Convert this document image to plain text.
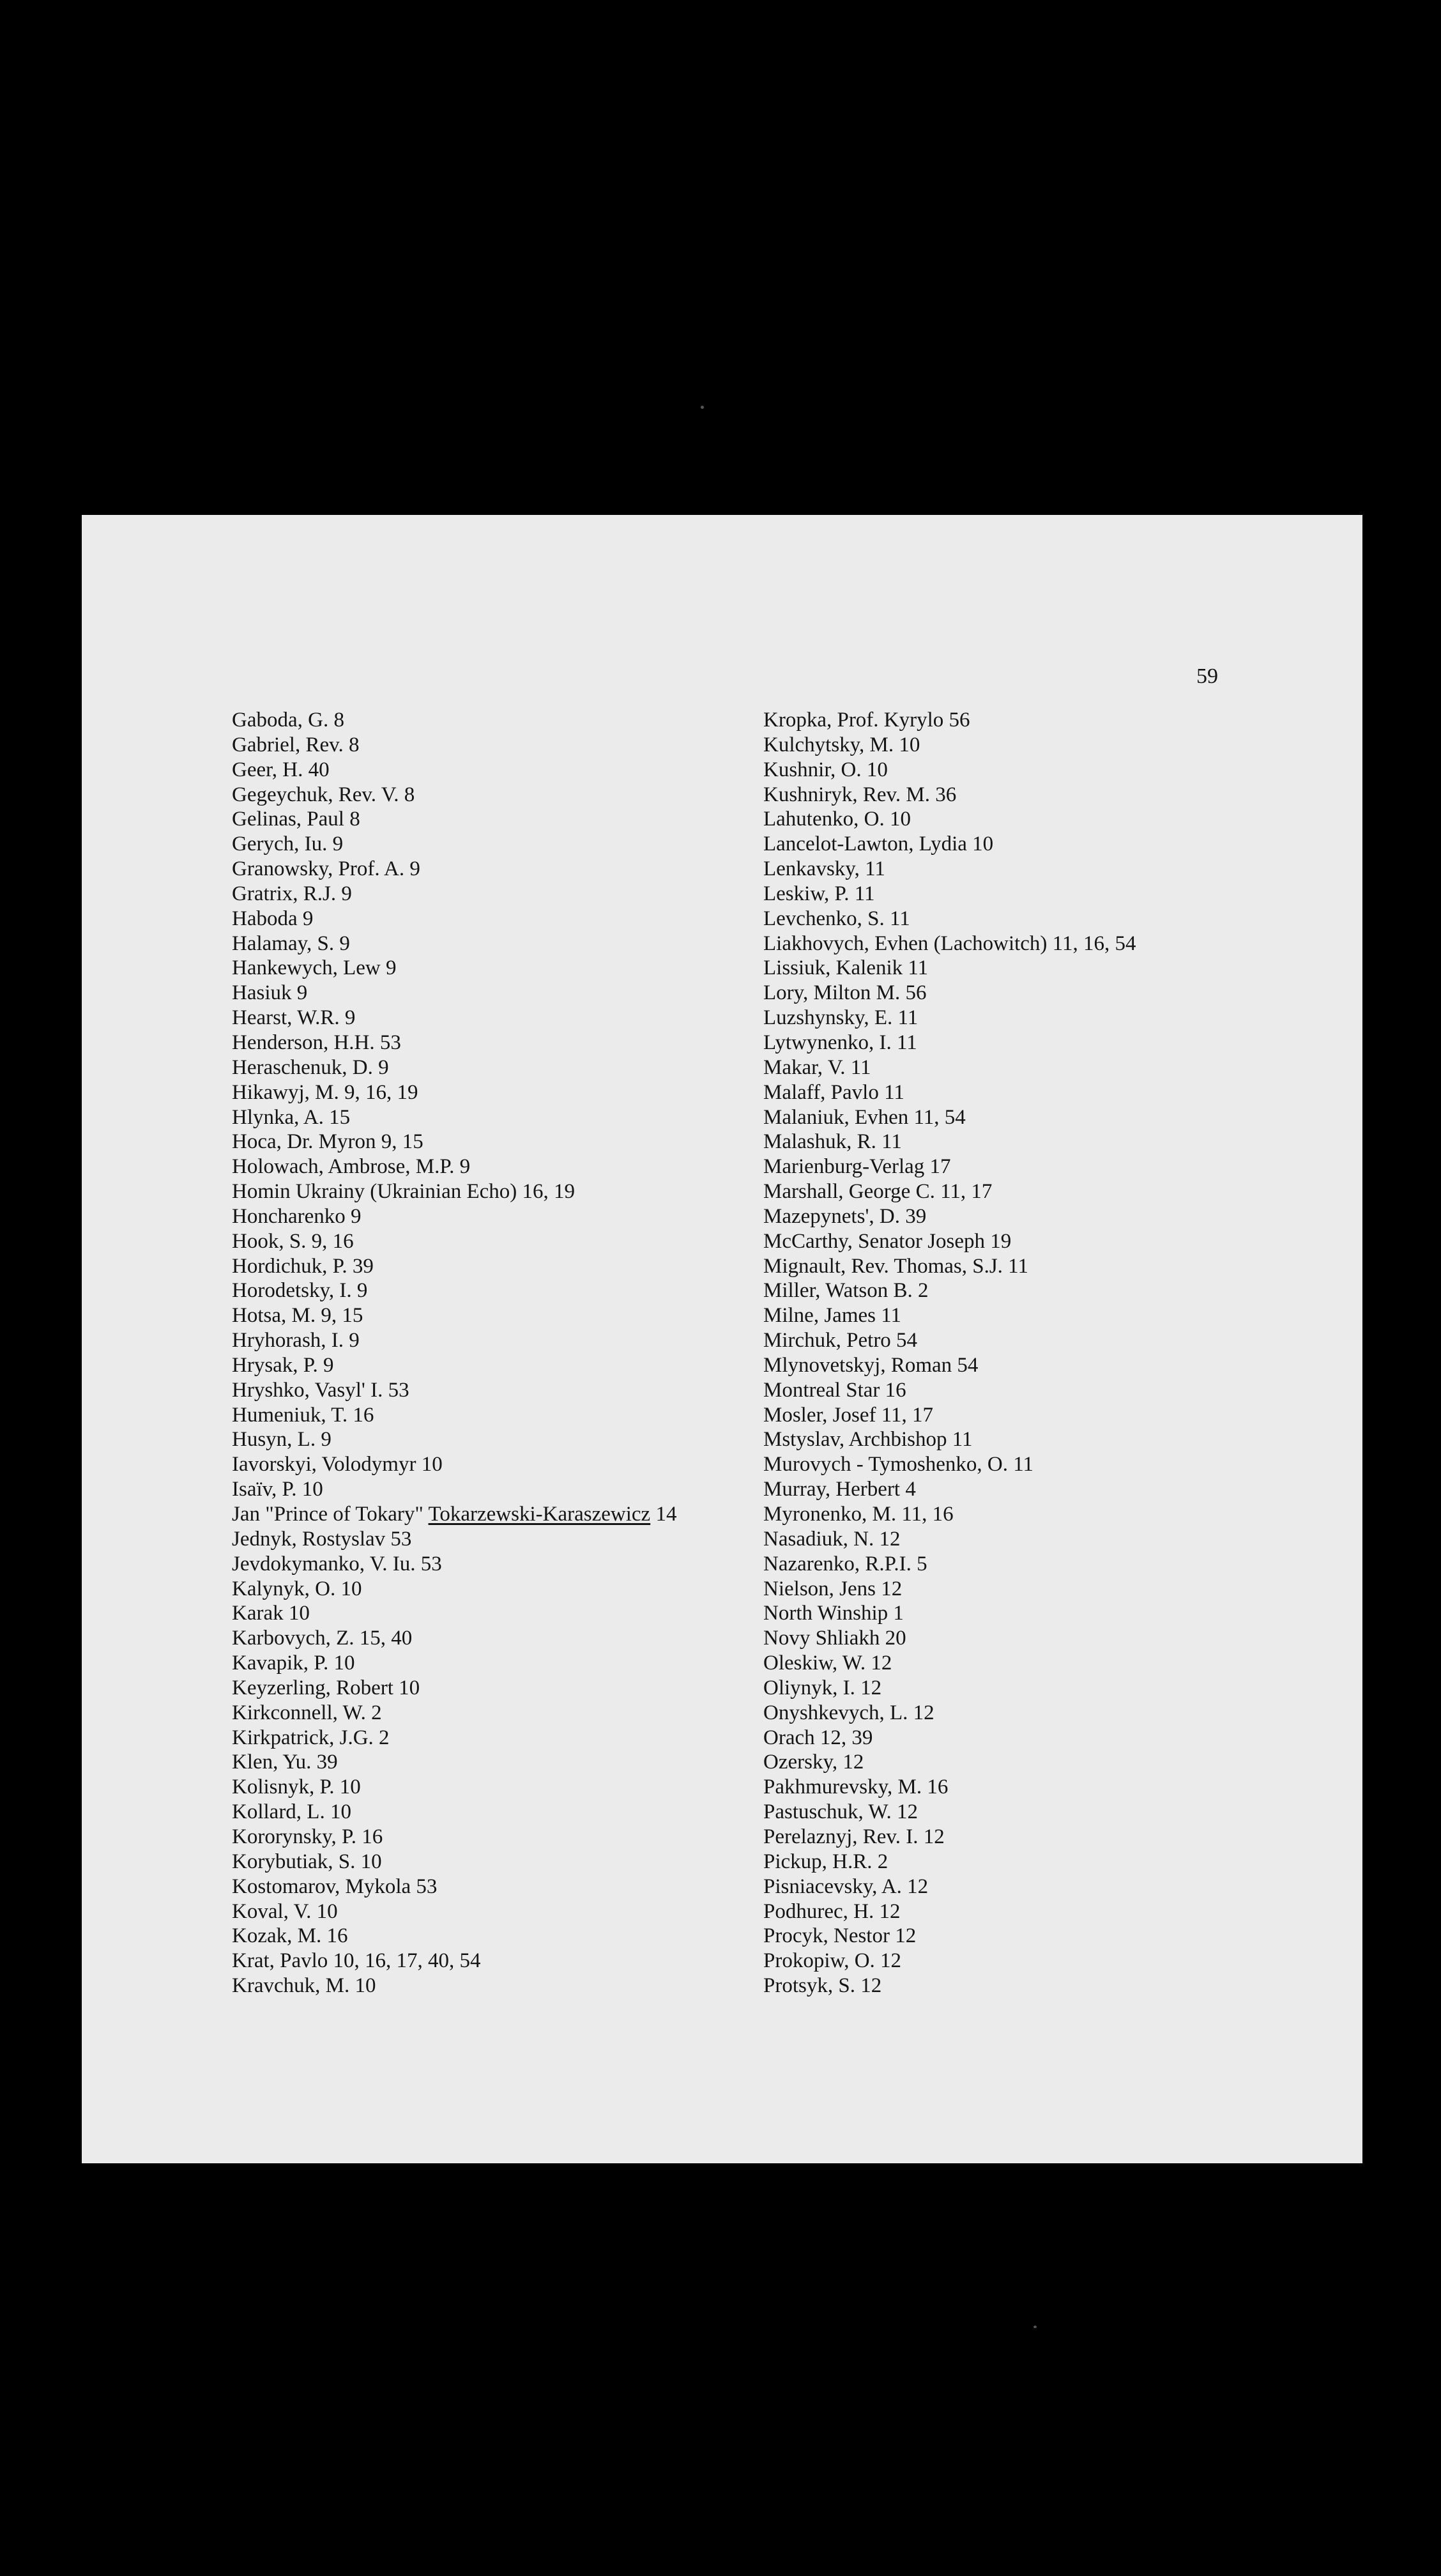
59
Gaboda, G. 8
Gabriel, Rev. 8
Geer, H. 40
Gegeychuk, Rev. V. 8
Gelinas, Paul 8
Gerych, Iu. 9
Granowsky, Prof. A. 9
Gratrix, R.J. 9
Haboda 9
Halamay, S. 9
Hankewych, Lew 9
Hasiuk 9
Hearst, W.R. 9
Henderson, H.H. 53
Heraschenuk, D. 9
Hikawyj, M. 9, 16, 19
Hlynka, A. 15
Hoca, Dr. Myron 9, 15
Holowach, Ambrose, M.P. 9
Homin Ukrainy (Ukrainian Echo) 16, 19
Honcharenko 9
Hook, S. 9, 16
Hordichuk, P. 39
Horodetsky, I. 9
Hotsa, M. 9, 15
Hryhorash, I. 9
Hrysak, P. 9
Hryshko, Vasyl' I. 53
Humeniuk, T. 16
Husyn, L. 9
Iavorskyi, Volodymyr 10
Isaïv, P. 10
Jan "Prince of Tokary" Tokarzewski-Karaszewicz 14
Jednyk, Rostyslav 53
Jevdokymanko, V. Iu. 53
Kalynyk, O. 10
Karak 10
Karbovych, Z. 15, 40
Kavapik, P. 10
Keyzerling, Robert 10
Kirkconnell, W. 2
Kirkpatrick, J.G. 2
Klen, Yu. 39
Kolisnyk, P. 10
Kollard, L. 10
Kororynsky, P. 16
Korybutiak, S. 10
Kostomarov, Mykola 53
Koval, V. 10
Kozak, M. 16
Krat, Pavlo 10, 16, 17, 40, 54
Kravchuk, M. 10
Kropka, Prof. Kyrylo 56
Kulchytsky, M. 10
Kushnir, O. 10
Kushniryk, Rev. M. 36
Lahutenko, O. 10
Lancelot-Lawton, Lydia 10
Lenkavsky, 11
Leskiw, P. 11
Levchenko, S. 11
Liakhovych, Evhen (Lachowitch) 11, 16, 54
Lissiuk, Kalenik 11
Lory, Milton M. 56
Luzshynsky, E. 11
Lytwynenko, I. 11
Makar, V. 11
Malaff, Pavlo 11
Malaniuk, Evhen 11, 54
Malashuk, R. 11
Marienburg-Verlag 17
Marshall, George C. 11, 17
Mazepynets', D. 39
McCarthy, Senator Joseph 19
Mignault, Rev. Thomas, S.J. 11
Miller, Watson B. 2
Milne, James 11
Mirchuk, Petro 54
Mlynovetskyj, Roman 54
Montreal Star 16
Mosler, Josef 11, 17
Mstyslav, Archbishop 11
Murovych - Tymoshenko, O. 11
Murray, Herbert 4
Myronenko, M. 11, 16
Nasadiuk, N. 12
Nazarenko, R.P.I. 5
Nielson, Jens 12
North Winship 1
Novy Shliakh 20
Oleskiw, W. 12
Oliynyk, I. 12
Onyshkevych, L. 12
Orach 12, 39
Ozersky, 12
Pakhmurevsky, M. 16
Pastuschuk, W. 12
Perelaznyj, Rev. I. 12
Pickup, H.R. 2
Pisniacevsky, A. 12
Podhurec, H. 12
Procyk, Nestor 12
Prokopiw, O. 12
Protsyk, S. 12
